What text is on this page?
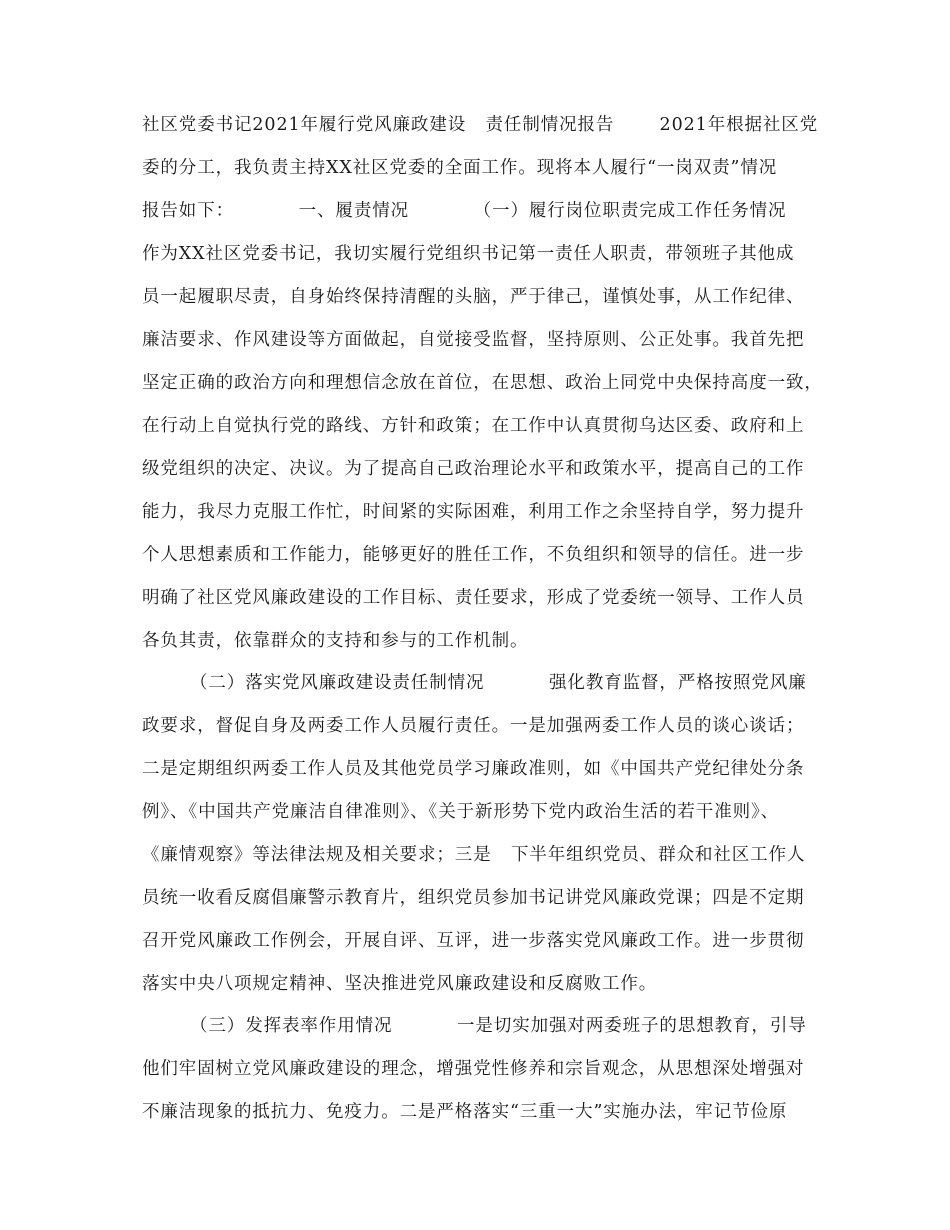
社区党委书记2021年履行党风廉政建设   责任制情况报告       2021年根据社区党
委的分工，我负责主持XX社区党委的全面工作。现将本人履行“一岗双责”情况
报告如下：          一、履责情况          （一）履行岗位职责完成工作任务情况
作为XX社区党委书记，我切实履行党组织书记第一责任人职责，带领班子其他成
员一起履职尽责，自身始终保持清醒的头脑，严于律己，谨慎处事，从工作纪律、
廉洁要求、作风建设等方面做起，自觉接受监督，坚持原则、公正处事。我首先把
坚定正确的政治方向和理想信念放在首位，在思想、政治上同党中央保持高度一致，
在行动上自觉执行党的路线、方针和政策；在工作中认真贯彻乌达区委、政府和上
级党组织的决定、决议。为了提高自己政治理论水平和政策水平，提高自己的工作
能力，我尽力克服工作忙，时间紧的实际困难，利用工作之余坚持自学，努力提升
个人思想素质和工作能力，能够更好的胜任工作，不负组织和领导的信任。进一步
明确了社区党风廉政建设的工作目标、责任要求，形成了党委统一领导、工作人员
各负其责，依靠群众的支持和参与的工作机制。
（二）落实党风廉政建设责任制情况          强化教育监督，严格按照党风廉
政要求，督促自身及两委工作人员履行责任。一是加强两委工作人员的谈心谈话；
二是定期组织两委工作人员及其他党员学习廉政准则，如《中国共产党纪律处分条
例》、《中国共产党廉洁自律准则》、《关于新形势下党内政治生活的若干准则》、
《廉情观察》等法律法规及相关要求；三是   下半年组织党员、群众和社区工作人
员统一收看反腐倡廉警示教育片，组织党员参加书记讲党风廉政党课；四是不定期
召开党风廉政工作例会，开展自评、互评，进一步落实党风廉政工作。进一步贯彻
落实中央八项规定精神、坚决推进党风廉政建设和反腐败工作。
（三）发挥表率作用情况          一是切实加强对两委班子的思想教育，引导
他们牢固树立党风廉政建设的理念，增强党性修养和宗旨观念，从思想深处增强对
不廉洁现象的抵抗力、免疫力。二是严格落实“三重一大”实施办法，牢记节俭原
